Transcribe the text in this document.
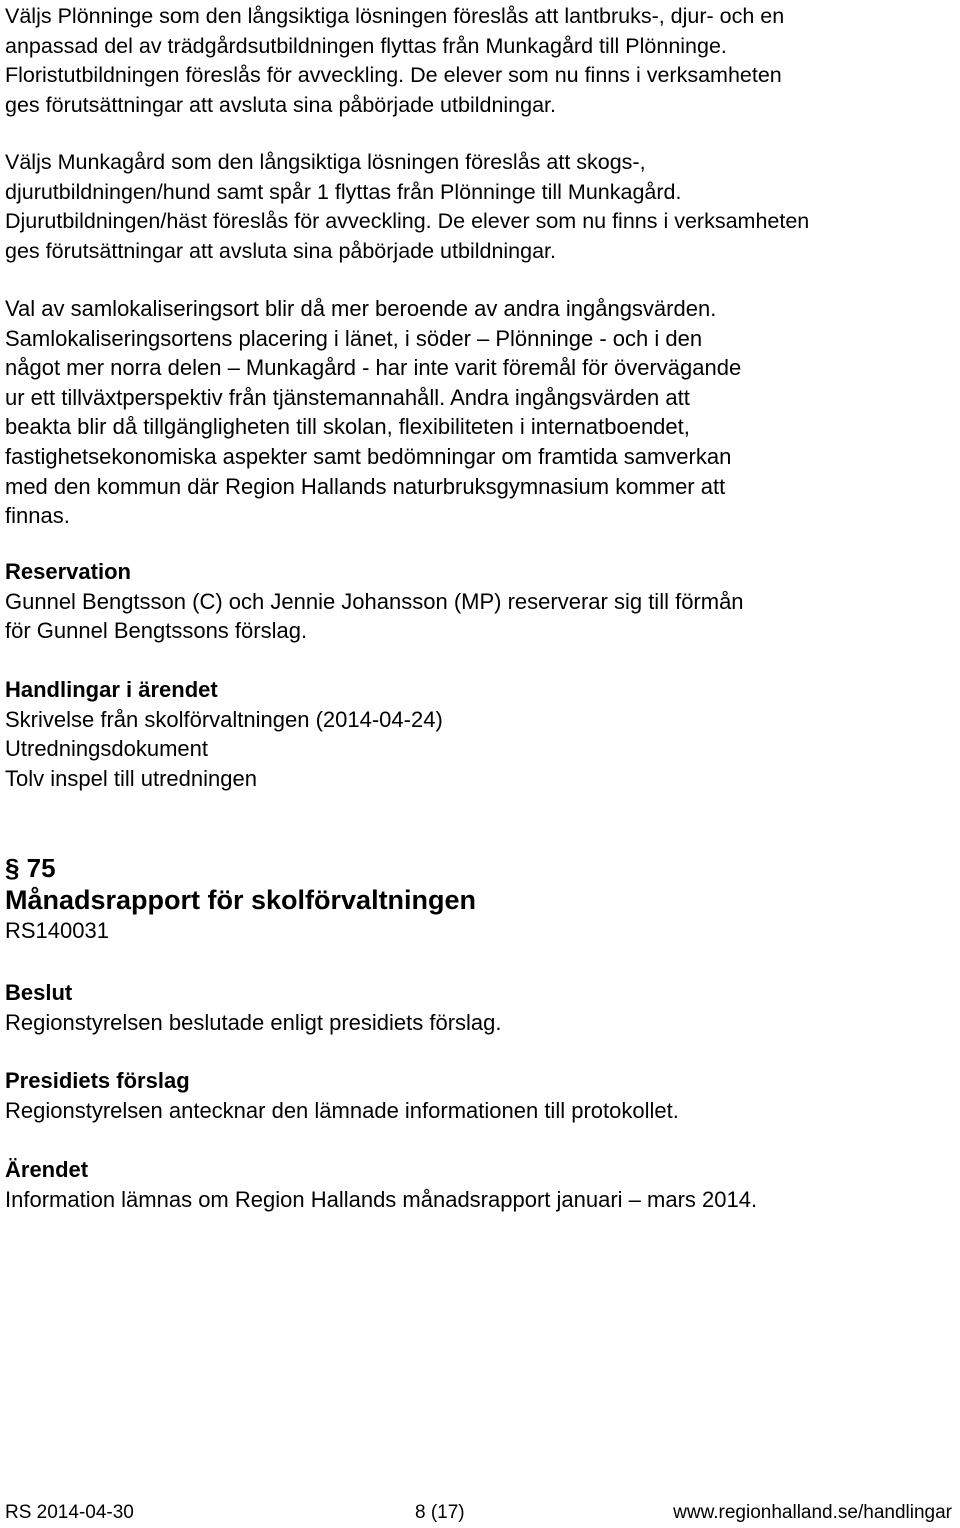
Väljs Plönninge som den långsiktiga lösningen föreslås att lantbruks-, djur- och en
anpassad del av trädgårdsutbildningen flyttas från Munkagård till Plönninge.
Floristutbildningen föreslås för avveckling. De elever som nu finns i verksamheten
ges förutsättningar att avsluta sina påbörjade utbildningar.
Väljs Munkagård som den långsiktiga lösningen föreslås att skogs-,
djurutbildningen/hund samt spår 1 flyttas från Plönninge till Munkagård.
Djurutbildningen/häst föreslås för avveckling. De elever som nu finns i verksamheten
ges förutsättningar att avsluta sina påbörjade utbildningar.
Val av samlokaliseringsort blir då mer beroende av andra ingångsvärden.
Samlokaliseringsortens placering i länet, i söder – Plönninge - och i den
något mer norra delen – Munkagård - har inte varit föremål för övervägande
ur ett tillväxtperspektiv från tjänstemannahåll. Andra ingångsvärden att
beakta blir då tillgängligheten till skolan, flexibiliteten i internatboendet,
fastighetsekonomiska aspekter samt bedömningar om framtida samverkan
med den kommun där Region Hallands naturbruksgymnasium kommer att
finnas.
Reservation
Gunnel Bengtsson (C) och Jennie Johansson (MP) reserverar sig till förmån
för Gunnel Bengtssons förslag.
Handlingar i ärendet
Skrivelse från skolförvaltningen (2014-04-24)
Utredningsdokument
Tolv inspel till utredningen
§ 75
Månadsrapport för skolförvaltningen
RS140031
Beslut
Regionstyrelsen beslutade enligt presidiets förslag.
Presidiets förslag
Regionstyrelsen antecknar den lämnade informationen till protokollet.
Ärendet
Information lämnas om Region Hallands månadsrapport januari – mars 2014.
RS 2014-04-30	8 (17)	www.regionhalland.se/handlingar
